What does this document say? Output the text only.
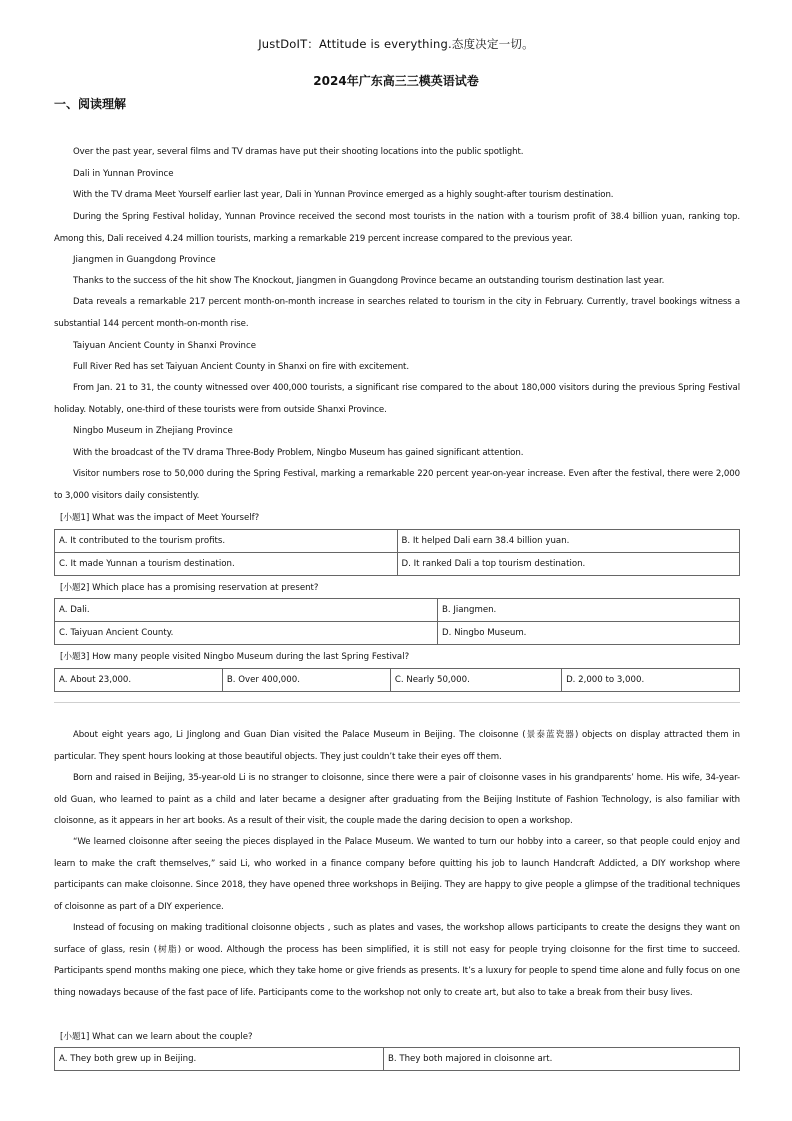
JustDoIT：Attitude is everything.态度决定一切。
2024年广东高三三模英语试卷
一、阅读理解
Over the past year, several films and TV dramas have put their shooting locations into the public spotlight.
Dali in Yunnan Province
With the TV drama Meet Yourself earlier last year, Dali in Yunnan Province emerged as a highly sought-after tourism destination.
During the Spring Festival holiday, Yunnan Province received the second most tourists in the nation with a tourism profit of 38.4 billion yuan, ranking top. Among this, Dali received 4.24 million tourists, marking a remarkable 219 percent increase compared to the previous year.
Jiangmen in Guangdong Province
Thanks to the success of the hit show The Knockout, Jiangmen in Guangdong Province became an outstanding tourism destination last year.
Data reveals a remarkable 217 percent month-on-month increase in searches related to tourism in the city in February. Currently, travel bookings witness a substantial 144 percent month-on-month rise.
Taiyuan Ancient County in Shanxi Province
Full River Red has set Taiyuan Ancient County in Shanxi on fire with excitement.
From Jan. 21 to 31, the county witnessed over 400,000 tourists, a significant rise compared to the about 180,000 visitors during the previous Spring Festival holiday. Notably, one-third of these tourists were from outside Shanxi Province.
Ningbo Museum in Zhejiang Province
With the broadcast of the TV drama Three-Body Problem, Ningbo Museum has gained significant attention.
Visitor numbers rose to 50,000 during the Spring Festival, marking a remarkable 220 percent year-on-year increase. Even after the festival, there were 2,000 to 3,000 visitors daily consistently.
[小题1] What was the impact of Meet Yourself?
A. It contributed to the tourism profits.	B. It helped Dali earn 38.4 billion yuan.
C. It made Yunnan a tourism destination.	D. It ranked Dali a top tourism destination.
[小题2] Which place has a promising reservation at present?
A. Dali.	B. Jiangmen.
C. Taiyuan Ancient County.	D. Ningbo Museum.
[小题3] How many people visited Ningbo Museum during the last Spring Festival?
A. About 23,000.	B. Over 400,000.	C. Nearly 50,000.	D. 2,000 to 3,000.
About eight years ago, Li Jinglong and Guan Dian visited the Palace Museum in Beijing. The cloisonne (景泰蓝瓷器) objects on display attracted them in particular. They spent hours looking at those beautiful objects. They just couldn’t take their eyes off them.
Born and raised in Beijing, 35-year-old Li is no stranger to cloisonne, since there were a pair of cloisonne vases in his grandparents’ home. His wife, 34-year-old Guan, who learned to paint as a child and later became a designer after graduating from the Beijing Institute of Fashion Technology, is also familiar with cloisonne, as it appears in her art books. As a result of their visit, the couple made the daring decision to open a workshop.
“We learned cloisonne after seeing the pieces displayed in the Palace Museum. We wanted to turn our hobby into a career, so that people could enjoy and learn to make the craft themselves,” said Li, who worked in a finance company before quitting his job to launch Handcraft Addicted, a DIY workshop where participants can make cloisonne. Since 2018, they have opened three workshops in Beijing. They are happy to give people a glimpse of the traditional techniques of cloisonne as part of a DIY experience.
Instead of focusing on making traditional cloisonne objects , such as plates and vases, the workshop allows participants to create the designs they want on surface of glass, resin (树脂) or wood. Although the process has been simplified, it is still not easy for people trying cloisonne for the first time to succeed. Participants spend months making one piece, which they take home or give friends as presents. It’s a luxury for people to spend time alone and fully focus on one thing nowadays because of the fast pace of life. Participants come to the workshop not only to create art, but also to take a break from their busy lives.
[小题1] What can we learn about the couple?
A. They both grew up in Beijing.	B. They both majored in cloisonne art.
